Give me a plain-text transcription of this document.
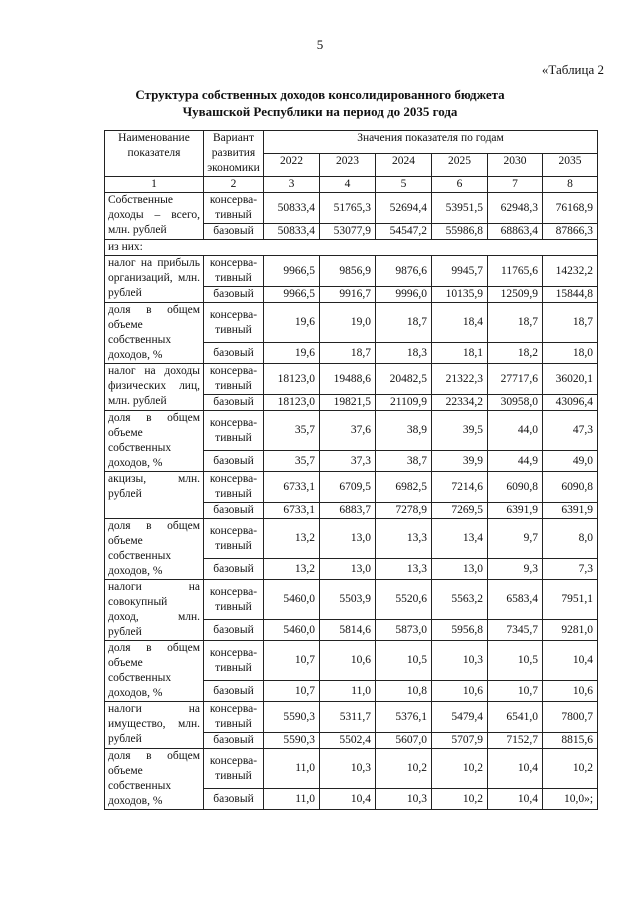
5
«Таблица 2
Структура собственных доходов консолидированного бюджета
Чувашской Республики на период до 2035 года
Наименование показателя	Вариант развития экономики	Значения показателя по годам					
		2022	2023	2024	2025	2030	2035
1	2	3	4	5	6	7	8
Собственные доходы – всего, млн. рублей	консерва-тивный	50833,4	51765,3	52694,4	53951,5	62948,3	76168,9
	базовый	50833,4	53077,9	54547,2	55986,8	68863,4	87866,3
из них:							
налог на прибыль организаций, млн. рублей	консерва-тивный	9966,5	9856,9	9876,6	9945,7	11765,6	14232,2
	базовый	9966,5	9916,7	9996,0	10135,9	12509,9	15844,8
доля в общем объеме собственных доходов, %	консерва-тивный	19,6	19,0	18,7	18,4	18,7	18,7
	базовый	19,6	18,7	18,3	18,1	18,2	18,0
налог на доходы физических лиц, млн. рублей	консерва-тивный	18123,0	19488,6	20482,5	21322,3	27717,6	36020,1
	базовый	18123,0	19821,5	21109,9	22334,2	30958,0	43096,4
доля в общем объеме собственных доходов, %	консерва-тивный	35,7	37,6	38,9	39,5	44,0	47,3
	базовый	35,7	37,3	38,7	39,9	44,9	49,0
акцизы, млн. рублей	консерва-тивный	6733,1	6709,5	6982,5	7214,6	6090,8	6090,8
	базовый	6733,1	6883,7	7278,9	7269,5	6391,9	6391,9
доля в общем объеме собственных доходов, %	консерва-тивный	13,2	13,0	13,3	13,4	9,7	8,0
	базовый	13,2	13,0	13,3	13,0	9,3	7,3
налоги на совокупный доход, млн. рублей	консерва-тивный	5460,0	5503,9	5520,6	5563,2	6583,4	7951,1
	базовый	5460,0	5814,6	5873,0	5956,8	7345,7	9281,0
доля в общем объеме собственных доходов, %	консерва-тивный	10,7	10,6	10,5	10,3	10,5	10,4
	базовый	10,7	11,0	10,8	10,6	10,7	10,6
налоги на имущество, млн. рублей	консерва-тивный	5590,3	5311,7	5376,1	5479,4	6541,0	7800,7
	базовый	5590,3	5502,4	5607,0	5707,9	7152,7	8815,6
доля в общем объеме собственных доходов, %	консерва-тивный	11,0	10,3	10,2	10,2	10,4	10,2
	базовый	11,0	10,4	10,3	10,2	10,4	10,0»;
